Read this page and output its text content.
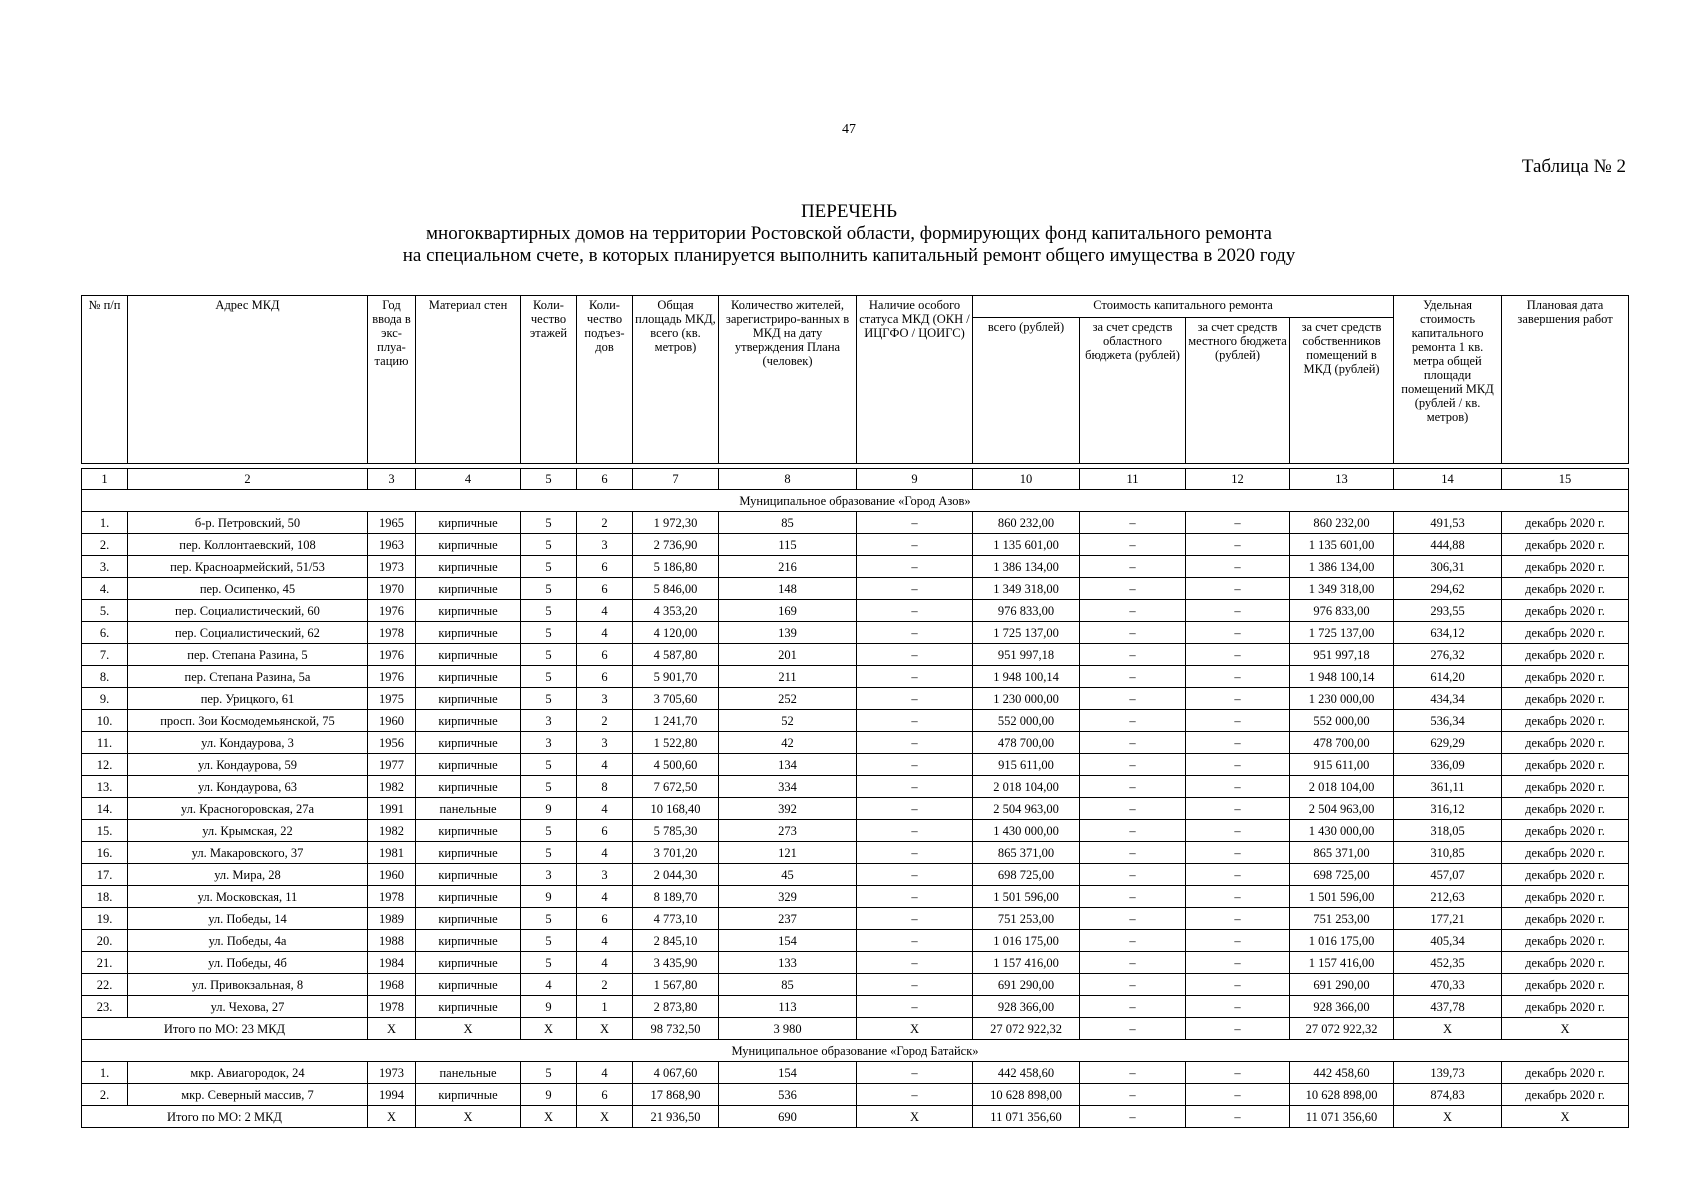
47
Таблица № 2
ПЕРЕЧЕНЬ
многоквартирных домов на территории Ростовской области, формирующих фонд капитального ремонта
на специальном счете, в которых планируется выполнить капитальный ремонт общего имущества в 2020 году
№ п/п	Адрес МКД	Год ввода в экс-плуа-тацию	Материал стен	Коли-чество этажей	Коли-чество подъез-дов	Общая площадь МКД, всего (кв. метров)	Количество жителей, зарегистриро-ванных в МКД на дату утверждения Плана (человек)	Наличие особого статуса МКД (ОКН / ИЦГФО / ЦОИГС)	Стоимость капитального ремонта				Удельная стоимость капитального ремонта 1 кв. метра общей площади помещений МКД (рублей / кв. метров)	Плановая дата завершения работ
									всего (рублей)	за счет средств областного бюджета (рублей)	за счет средств местного бюджета (рублей)	за счет средств собственников помещений в МКД (рублей)		

1	2	3	4	5	6	7	8	9	10	11	12	13	14	15
Муниципальное образование «Город Азов»														
1.	б-р. Петровский, 50	1965	кирпичные	5	2	1 972,30	85	–	860 232,00	–	–	860 232,00	491,53	декабрь 2020 г.
2.	пер. Коллонтаевский, 108	1963	кирпичные	5	3	2 736,90	115	–	1 135 601,00	–	–	1 135 601,00	444,88	декабрь 2020 г.
3.	пер. Красноармейский, 51/53	1973	кирпичные	5	6	5 186,80	216	–	1 386 134,00	–	–	1 386 134,00	306,31	декабрь 2020 г.
4.	пер. Осипенко, 45	1970	кирпичные	5	6	5 846,00	148	–	1 349 318,00	–	–	1 349 318,00	294,62	декабрь 2020 г.
5.	пер. Социалистический, 60	1976	кирпичные	5	4	4 353,20	169	–	976 833,00	–	–	976 833,00	293,55	декабрь 2020 г.
6.	пер. Социалистический, 62	1978	кирпичные	5	4	4 120,00	139	–	1 725 137,00	–	–	1 725 137,00	634,12	декабрь 2020 г.
7.	пер. Степана Разина, 5	1976	кирпичные	5	6	4 587,80	201	–	951 997,18	–	–	951 997,18	276,32	декабрь 2020 г.
8.	пер. Степана Разина, 5а	1976	кирпичные	5	6	5 901,70	211	–	1 948 100,14	–	–	1 948 100,14	614,20	декабрь 2020 г.
9.	пер. Урицкого, 61	1975	кирпичные	5	3	3 705,60	252	–	1 230 000,00	–	–	1 230 000,00	434,34	декабрь 2020 г.
10.	просп. Зои Космодемьянской, 75	1960	кирпичные	3	2	1 241,70	52	–	552 000,00	–	–	552 000,00	536,34	декабрь 2020 г.
11.	ул. Кондаурова, 3	1956	кирпичные	3	3	1 522,80	42	–	478 700,00	–	–	478 700,00	629,29	декабрь 2020 г.
12.	ул. Кондаурова, 59	1977	кирпичные	5	4	4 500,60	134	–	915 611,00	–	–	915 611,00	336,09	декабрь 2020 г.
13.	ул. Кондаурова, 63	1982	кирпичные	5	8	7 672,50	334	–	2 018 104,00	–	–	2 018 104,00	361,11	декабрь 2020 г.
14.	ул. Красногоровская, 27а	1991	панельные	9	4	10 168,40	392	–	2 504 963,00	–	–	2 504 963,00	316,12	декабрь 2020 г.
15.	ул. Крымская, 22	1982	кирпичные	5	6	5 785,30	273	–	1 430 000,00	–	–	1 430 000,00	318,05	декабрь 2020 г.
16.	ул. Макаровского, 37	1981	кирпичные	5	4	3 701,20	121	–	865 371,00	–	–	865 371,00	310,85	декабрь 2020 г.
17.	ул. Мира, 28	1960	кирпичные	3	3	2 044,30	45	–	698 725,00	–	–	698 725,00	457,07	декабрь 2020 г.
18.	ул. Московская, 11	1978	кирпичные	9	4	8 189,70	329	–	1 501 596,00	–	–	1 501 596,00	212,63	декабрь 2020 г.
19.	ул. Победы, 14	1989	кирпичные	5	6	4 773,10	237	–	751 253,00	–	–	751 253,00	177,21	декабрь 2020 г.
20.	ул. Победы, 4а	1988	кирпичные	5	4	2 845,10	154	–	1 016 175,00	–	–	1 016 175,00	405,34	декабрь 2020 г.
21.	ул. Победы, 4б	1984	кирпичные	5	4	3 435,90	133	–	1 157 416,00	–	–	1 157 416,00	452,35	декабрь 2020 г.
22.	ул. Привокзальная, 8	1968	кирпичные	4	2	1 567,80	85	–	691 290,00	–	–	691 290,00	470,33	декабрь 2020 г.
23.	ул. Чехова, 27	1978	кирпичные	9	1	2 873,80	113	–	928 366,00	–	–	928 366,00	437,78	декабрь 2020 г.
Итого по МО: 23 МКД		X	X	X	X	98 732,50	3 980	X	27 072 922,32	–	–	27 072 922,32	X	X
Муниципальное образование «Город Батайск»														
1.	мкр. Авиагородок, 24	1973	панельные	5	4	4 067,60	154	–	442 458,60	–	–	442 458,60	139,73	декабрь 2020 г.
2.	мкр. Северный массив, 7	1994	кирпичные	9	6	17 868,90	536	–	10 628 898,00	–	–	10 628 898,00	874,83	декабрь 2020 г.
Итого по МО: 2 МКД		X	X	X	X	21 936,50	690	X	11 071 356,60	–	–	11 071 356,60	X	X
